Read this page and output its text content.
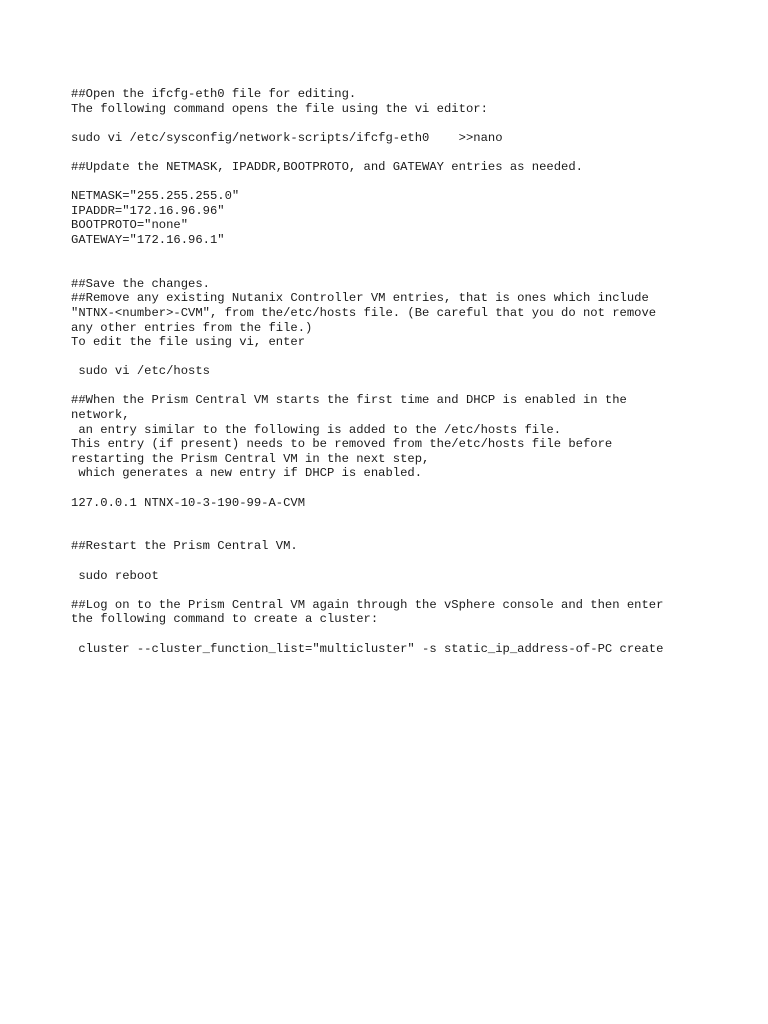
##Open the ifcfg-eth0 file for editing.
The following command opens the file using the vi editor:
sudo vi /etc/sysconfig/network-scripts/ifcfg-eth0    >>nano
##Update the NETMASK, IPADDR,BOOTPROTO, and GATEWAY entries as needed.
NETMASK="255.255.255.0"
IPADDR="172.16.96.96"
BOOTPROTO="none"
GATEWAY="172.16.96.1"
##Save the changes.
##Remove any existing Nutanix Controller VM entries, that is ones which include
"NTNX-<number>-CVM", from the/etc/hosts file. (Be careful that you do not remove
any other entries from the file.)
To edit the file using vi, enter
sudo vi /etc/hosts
##When the Prism Central VM starts the first time and DHCP is enabled in the
network,
an entry similar to the following is added to the /etc/hosts file.
This entry (if present) needs to be removed from the/etc/hosts file before
restarting the Prism Central VM in the next step,
which generates a new entry if DHCP is enabled.
127.0.0.1 NTNX-10-3-190-99-A-CVM
##Restart the Prism Central VM.
sudo reboot
##Log on to the Prism Central VM again through the vSphere console and then enter
the following command to create a cluster:
cluster --cluster_function_list="multicluster" -s static_ip_address-of-PC create
